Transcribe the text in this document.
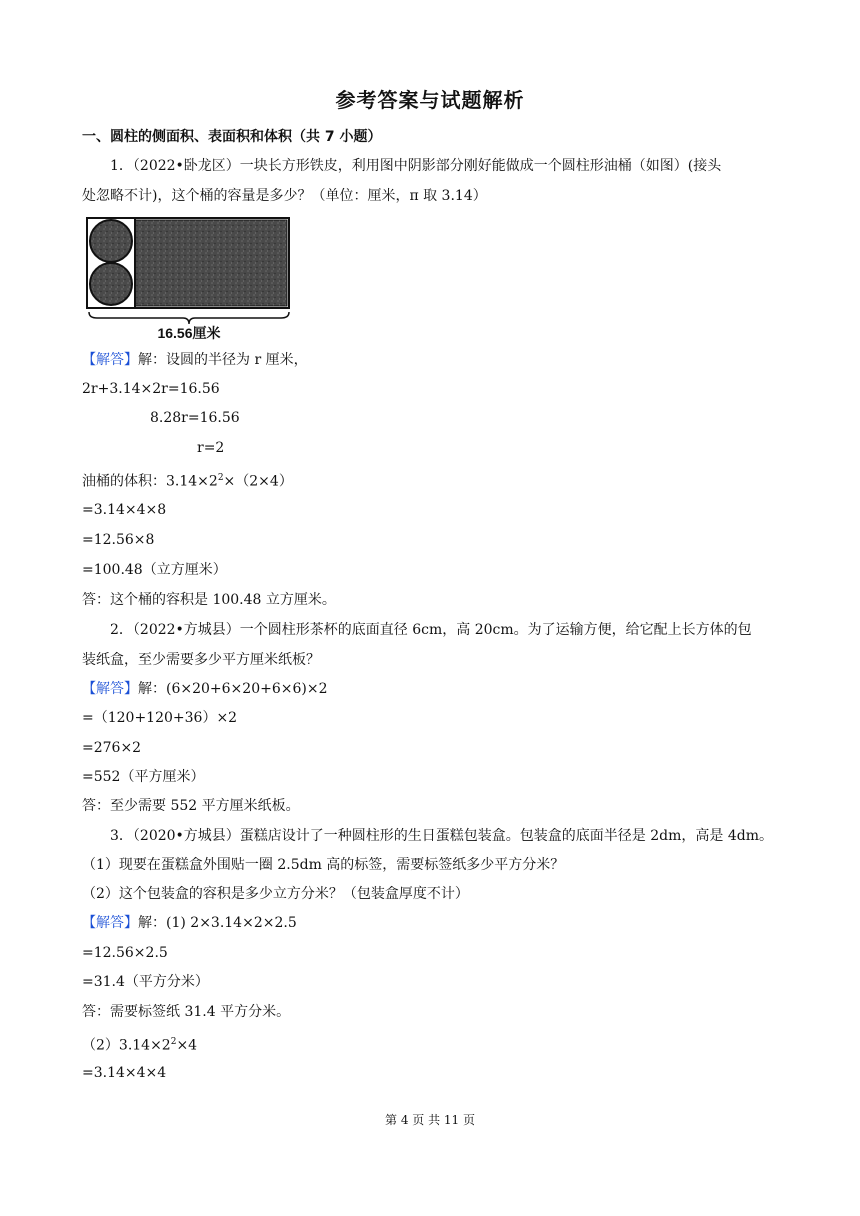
参考答案与试题解析
一、圆柱的侧面积、表面积和体积（共 7 小题）
1．（2022•卧龙区）一块长方形铁皮，利用图中阴影部分刚好能做成一个圆柱形油桶（如图）(接头
处忽略不计)，这个桶的容量是多少？（单位：厘米，π 取 3.14）
16.56厘米
【解答】解：设圆的半径为 r 厘米，
2r+3.14×2r=16.56
8.28r=16.56
r=2
油桶的体积：$3.14\times 2^2\times(2\times 4)$
=3.14×4×8
=12.56×8
=100.48（立方厘米）
答：这个桶的容积是 100.48 立方厘米。
2．（2022•方城县）一个圆柱形茶杯的底面直径 6cm，高 20cm。为了运输方便，给它配上长方体的包
装纸盒，至少需要多少平方厘米纸板？
【解答】解：(6×20+6×20+6×6)×2
=（120+120+36）×2
=276×2
=552（平方厘米）
答：至少需要 552 平方厘米纸板。
3．（2020•方城县）蛋糕店设计了一种圆柱形的生日蛋糕包装盒。包装盒的底面半径是 2dm，高是 4dm。
（1）现要在蛋糕盒外围贴一圈 2.5dm 高的标签，需要标签纸多少平方分米？
（2）这个包装盒的容积是多少立方分米？（包装盒厚度不计）
【解答】解：(1) 2×3.14×2×2.5
=12.56×2.5
=31.4（平方分米）
答：需要标签纸 31.4 平方分米。
$(2)3.14\times 2^2\times 4$
=3.14×4×4
第 4 页 共 11 页
